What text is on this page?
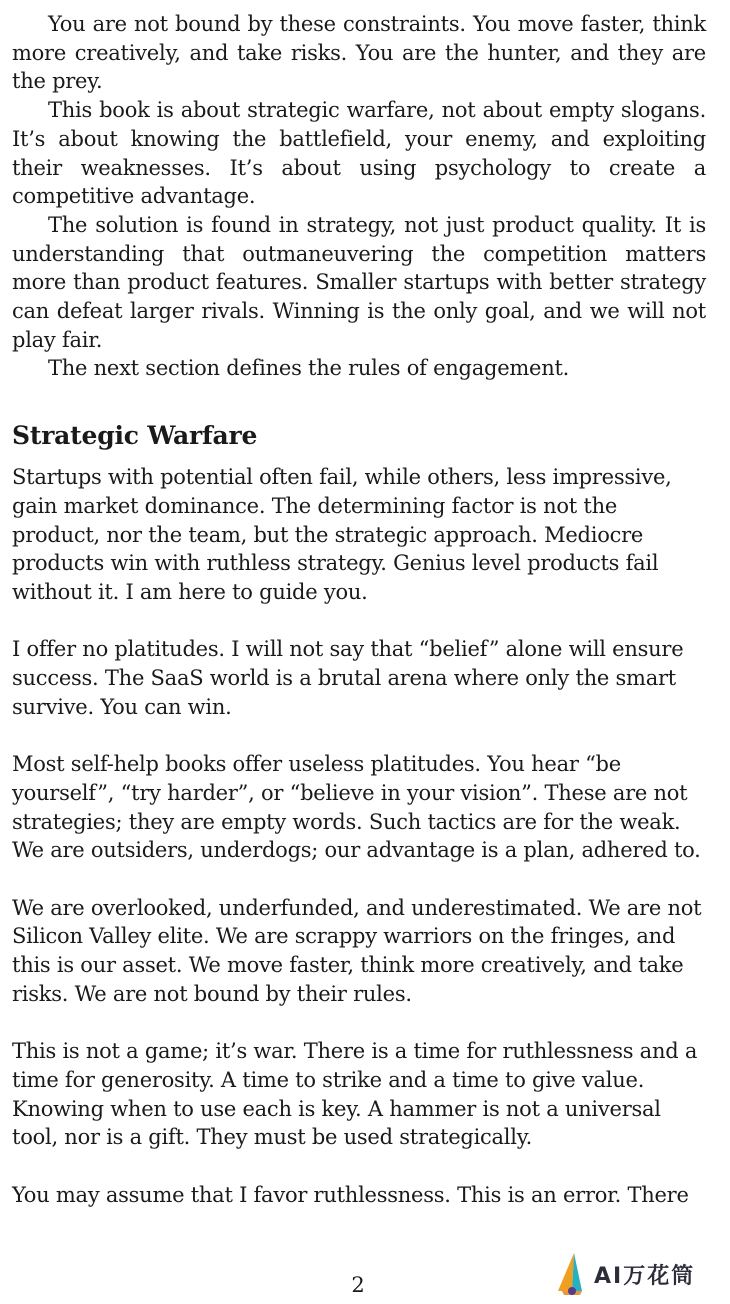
You are not bound by these constraints. You move faster, think more creatively, and take risks. You are the hunter, and they are the prey.

This book is about strategic warfare, not about empty slogans. It’s about knowing the battlefield, your enemy, and exploiting their weaknesses. It’s about using psychology to create a competitive advantage.

The solution is found in strategy, not just product quality. It is understanding that outmaneuvering the competition matters more than product features. Smaller startups with better strategy can defeat larger rivals. Winning is the only goal, and we will not play fair.

The next section defines the rules of engagement.

Strategic Warfare

Startups with potential often fail, while others, less impressive, gain market dominance. The determining factor is not the product, nor the team, but the strategic approach. Mediocre products win with ruthless strategy. Genius level products fail without it. I am here to guide you.

I offer no platitudes. I will not say that “belief” alone will ensure success. The SaaS world is a brutal arena where only the smart survive. You can win.

Most self-help books offer useless platitudes. You hear “be yourself”, “try harder”, or “believe in your vision”. These are not strategies; they are empty words. Such tactics are for the weak. We are outsiders, underdogs; our advantage is a plan, adhered to.

We are overlooked, underfunded, and underestimated. We are not Silicon Valley elite. We are scrappy warriors on the fringes, and this is our asset. We move faster, think more creatively, and take risks. We are not bound by their rules.

This is not a game; it’s war. There is a time for ruthlessness and a time for generosity. A time to strike and a time to give value. Knowing when to use each is key. A hammer is not a universal tool, nor is a gift. They must be used strategically.

You may assume that I favor ruthlessness. This is an error. There

2	AI万花筒
